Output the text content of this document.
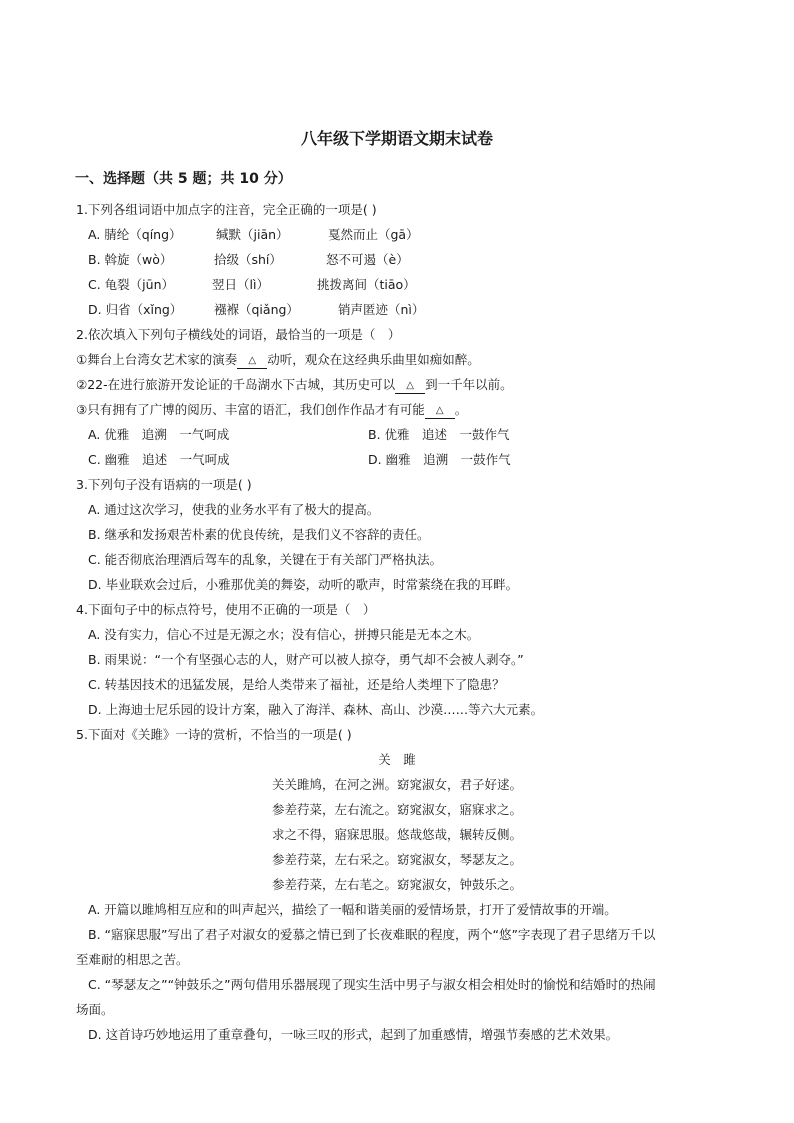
八年级下学期语文期末试卷
一、选择题（共 5 题；共 10 分）
1.下列各组词语中加点字的注音，完全正确的一项是( )
A. 腈纶（qíng）	缄默（jiān）	戛然而止（gā）
B. 斡旋（wò）	拾级（shí）	怒不可遏（è）
C. 龟裂（jūn）	翌日（lì）	挑拨离间（tiāo）
D. 归省（xǐng）	襁褓（qiǎng）	销声匿迹（nì）
2.依次填入下列句子横线处的词语，最恰当的一项是（　）
①舞台上台湾女艺术家的演奏 △ 动听，观众在这经典乐曲里如痴如醉。
②22-在进行旅游开发论证的千岛湖水下古城，其历史可以 △ 到一千年以前。
③只有拥有了广博的阅历、丰富的语汇，我们创作作品才有可能 △ 。
A. 优雅　追溯　一气呵成	B. 优雅　追述　一鼓作气
C. 幽雅　追述　一气呵成	D. 幽雅　追溯　一鼓作气
3.下列句子没有语病的一项是( )
A. 通过这次学习，使我的业务水平有了极大的提高。
B. 继承和发扬艰苦朴素的优良传统，是我们义不容辞的责任。
C. 能否彻底治理酒后驾车的乱象，关键在于有关部门严格执法。
D. 毕业联欢会过后，小雅那优美的舞姿，动听的歌声，时常萦绕在我的耳畔。
4.下面句子中的标点符号，使用不正确的一项是（　）
A. 没有实力，信心不过是无源之水；没有信心，拼搏只能是无本之木。
B. 雨果说：“一个有坚强心志的人，财产可以被人掠夺，勇气却不会被人剥夺。”
C. 转基因技术的迅猛发展，是给人类带来了福祉，还是给人类埋下了隐患？
D. 上海迪士尼乐园的设计方案，融入了海洋、森林、高山、沙漠……等六大元素。
5.下面对《关雎》一诗的赏析，不恰当的一项是( )
关　雎
关关雎鸠，在河之洲。窈窕淑女，君子好逑。
参差荇菜，左右流之。窈窕淑女，寤寐求之。
求之不得，寤寐思服。悠哉悠哉，辗转反侧。
参差荇菜，左右采之。窈窕淑女，琴瑟友之。
参差荇菜，左右芼之。窈窕淑女，钟鼓乐之。
A. 开篇以雎鸠相互应和的叫声起兴，描绘了一幅和谐美丽的爱情场景，打开了爱情故事的开端。
B. “寤寐思服”写出了君子对淑女的爱慕之情已到了长夜难眠的程度，两个“悠”字表现了君子思绪万千以
至难耐的相思之苦。
C. “琴瑟友之”“钟鼓乐之”两句借用乐器展现了现实生活中男子与淑女相会相处时的愉悦和结婚时的热闹
场面。
D. 这首诗巧妙地运用了重章叠句，一咏三叹的形式，起到了加重感情，增强节奏感的艺术效果。
